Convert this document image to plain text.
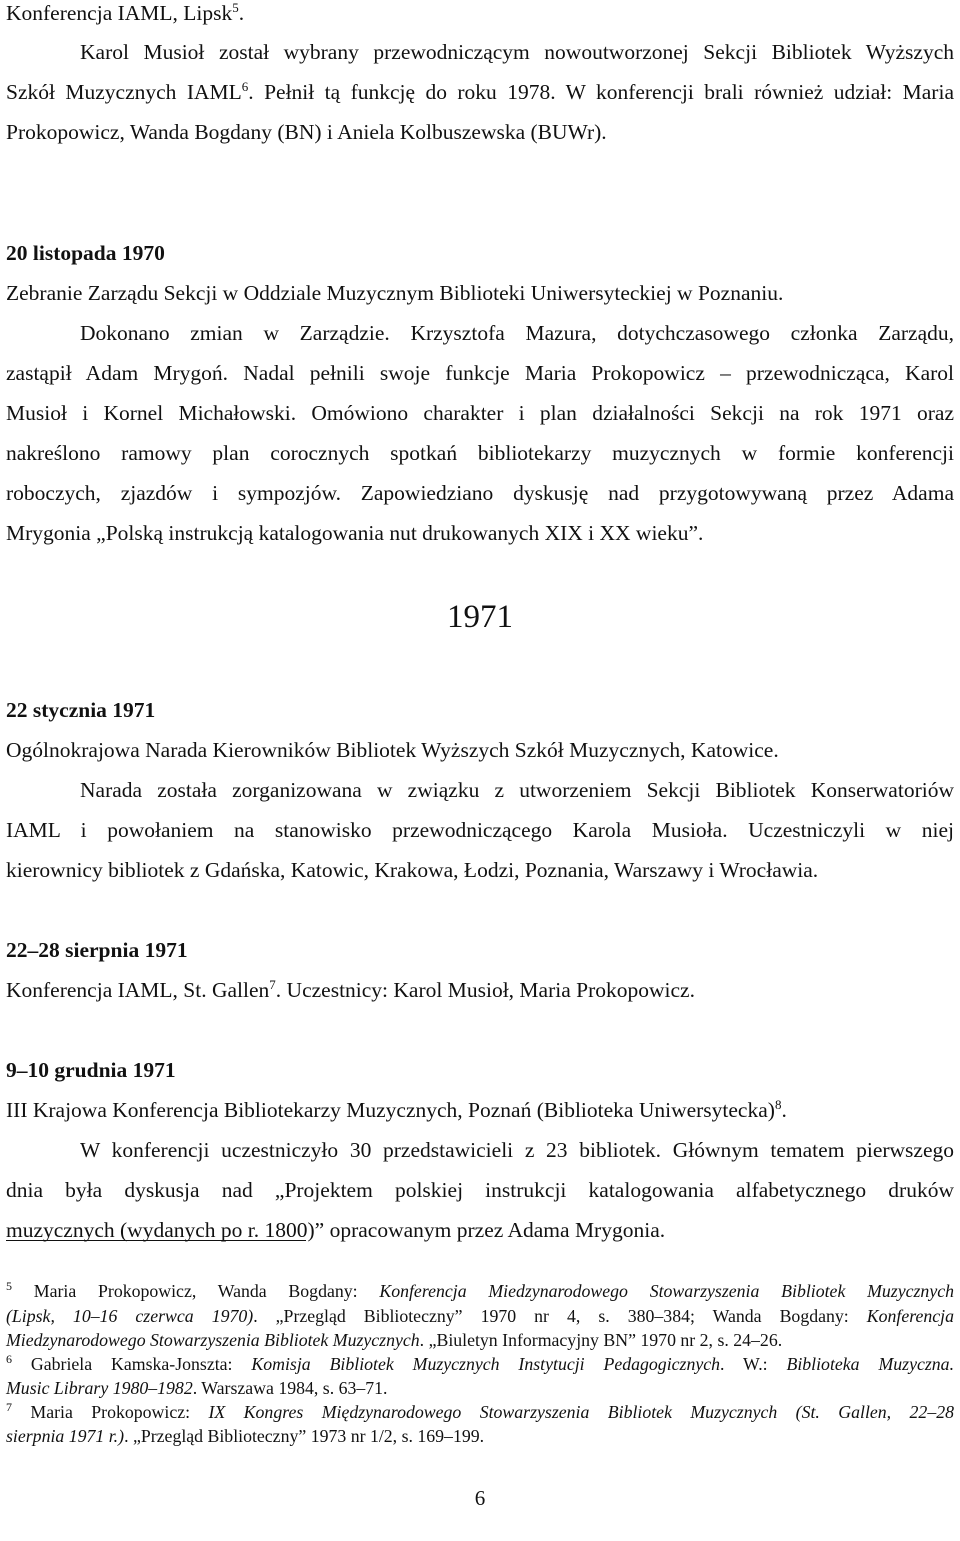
Konferencja IAML, Lipsk$^5$.
Karol Musioł został wybrany przewodniczącym nowoutworzonej Sekcji Bibliotek Wyższych
Szkół Muzycznych IAML$^6$. Pełnił tą funkcję do roku 1978. W konferencji brali również udział: Maria
Prokopowicz, Wanda Bogdany (BN) i Aniela Kolbuszewska (BUWr).
20 listopada 1970
Zebranie Zarządu Sekcji w Oddziale Muzycznym Biblioteki Uniwersyteckiej w Poznaniu.
Dokonano zmian w Zarządzie. Krzysztofa Mazura, dotychczasowego członka Zarządu,
zastąpił Adam Mrygoń. Nadal pełnili swoje funkcje Maria Prokopowicz – przewodnicząca, Karol
Musioł i Kornel Michałowski. Omówiono charakter i plan działalności Sekcji na rok 1971 oraz
nakreślono ramowy plan corocznych spotkań bibliotekarzy muzycznych w formie konferencji
roboczych, zjazdów i sympozjów. Zapowiedziano dyskusję nad przygotowywaną przez Adama
Mrygonia „Polską instrukcją katalogowania nut drukowanych XIX i XX wieku”.
1971
22 stycznia 1971
Ogólnokrajowa Narada Kierowników Bibliotek Wyższych Szkół Muzycznych, Katowice.
Narada została zorganizowana w związku z utworzeniem Sekcji Bibliotek Konserwatoriów
IAML i powołaniem na stanowisko przewodniczącego Karola Musioła. Uczestniczyli w niej
kierownicy bibliotek z Gdańska, Katowic, Krakowa, Łodzi, Poznania, Warszawy i Wrocławia.
22–28 sierpnia 1971
Konferencja IAML, St. Gallen$^7$. Uczestnicy: Karol Musioł, Maria Prokopowicz.
9–10 grudnia 1971
III Krajowa Konferencja Bibliotekarzy Muzycznych, Poznań (Biblioteka Uniwersytecka)$^8$.
W konferencji uczestniczyło 30 przedstawicieli z 23 bibliotek. Głównym tematem pierwszego
dnia była dyskusja nad „Projektem polskiej instrukcji katalogowania alfabetycznego druków
muzycznych (wydanych po r. 1800)” opracowanym przez Adama Mrygonia.
$^5$ Maria Prokopowicz, Wanda Bogdany: Konferencja Miedzynarodowego Stowarzyszenia Bibliotek Muzycznych
(Lipsk, 10–16 czerwca 1970). „Przegląd Biblioteczny” 1970 nr 4, s. 380–384; Wanda Bogdany: Konferencja
Miedzynarodowego Stowarzyszenia Bibliotek Muzycznych. „Biuletyn Informacyjny BN” 1970 nr 2, s. 24–26.
$^6$ Gabriela Kamska-Jonszta: Komisja Bibliotek Muzycznych Instytucji Pedagogicznych. W.: Biblioteka Muzyczna.
Music Library 1980–1982. Warszawa 1984, s. 63–71.
$^7$ Maria Prokopowicz: IX Kongres Międzynarodowego Stowarzyszenia Bibliotek Muzycznych (St. Gallen, 22–28
sierpnia 1971 r.). „Przegląd Biblioteczny” 1973 nr 1/2, s. 169–199.
6
